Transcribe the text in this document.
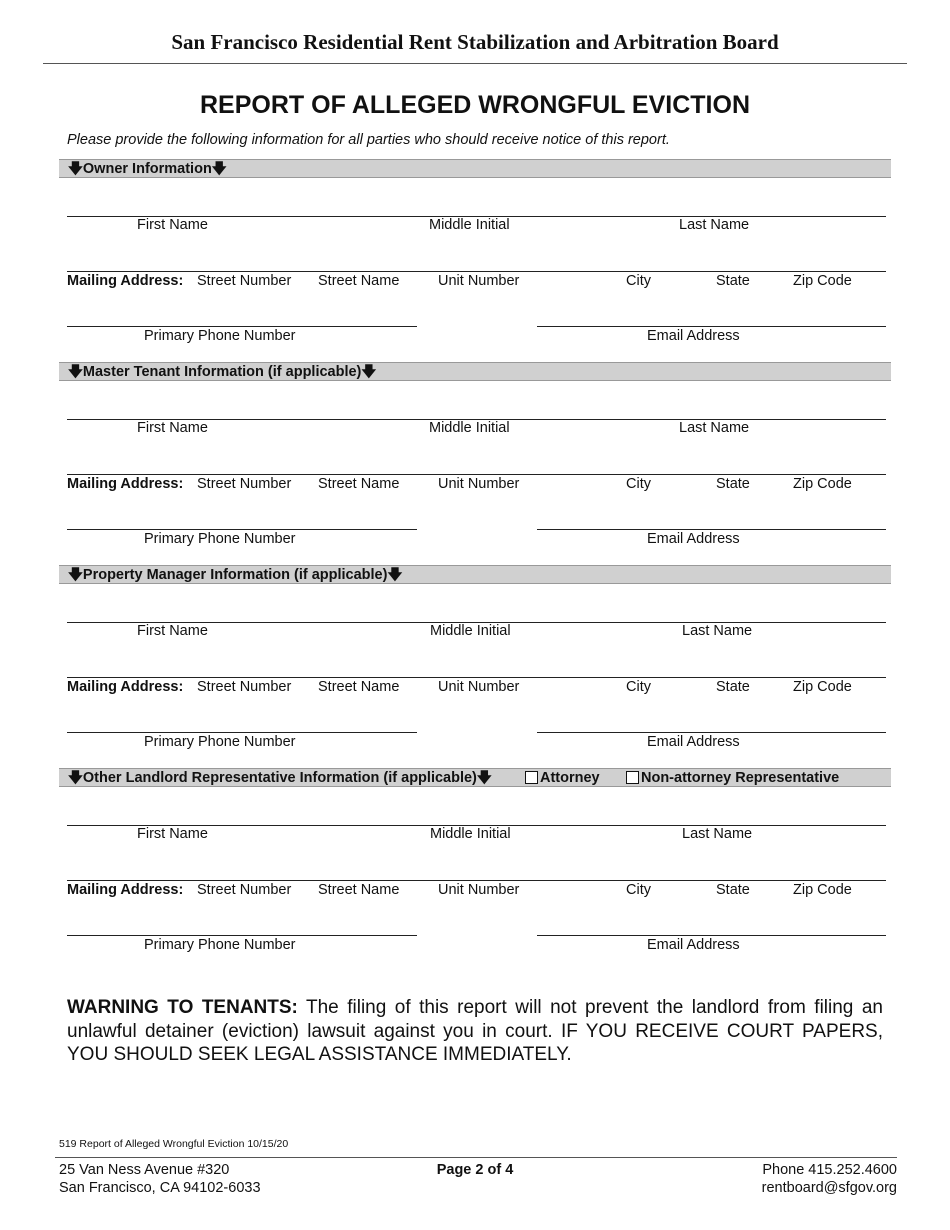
San Francisco Residential Rent Stabilization and Arbitration Board
REPORT OF ALLEGED WRONGFUL EVICTION
Please provide the following information for all parties who should receive notice of this report.
🡇Owner Information🡇
First Name	Middle Initial	Last Name
Mailing Address: Street Number Street Name	Unit Number	City	State	Zip Code
Primary Phone Number	Email Address
🡇Master Tenant Information (if applicable)🡇
First Name	Middle Initial	Last Name
Mailing Address: Street Number Street Name	Unit Number	City	State	Zip Code
Primary Phone Number	Email Address
🡇Property Manager Information (if applicable)🡇
First Name	Middle Initial	Last Name
Mailing Address: Street Number Street Name	Unit Number	City	State	Zip Code
Primary Phone Number	Email Address
🡇Other Landlord Representative Information (if applicable)🡇	Attorney	Non-attorney Representative
First Name	Middle Initial	Last Name
Mailing Address: Street Number Street Name	Unit Number	City	State	Zip Code
Primary Phone Number	Email Address
WARNING TO TENANTS: The filing of this report will not prevent the landlord from filing an unlawful detainer (eviction) lawsuit against you in court. IF YOU RECEIVE COURT PAPERS, YOU SHOULD SEEK LEGAL ASSISTANCE IMMEDIATELY.
519 Report of Alleged Wrongful Eviction 10/15/20
25 Van Ness Avenue #320
San Francisco, CA 94102-6033
Page 2 of 4	Phone 415.252.4600
rentboard@sfgov.org
